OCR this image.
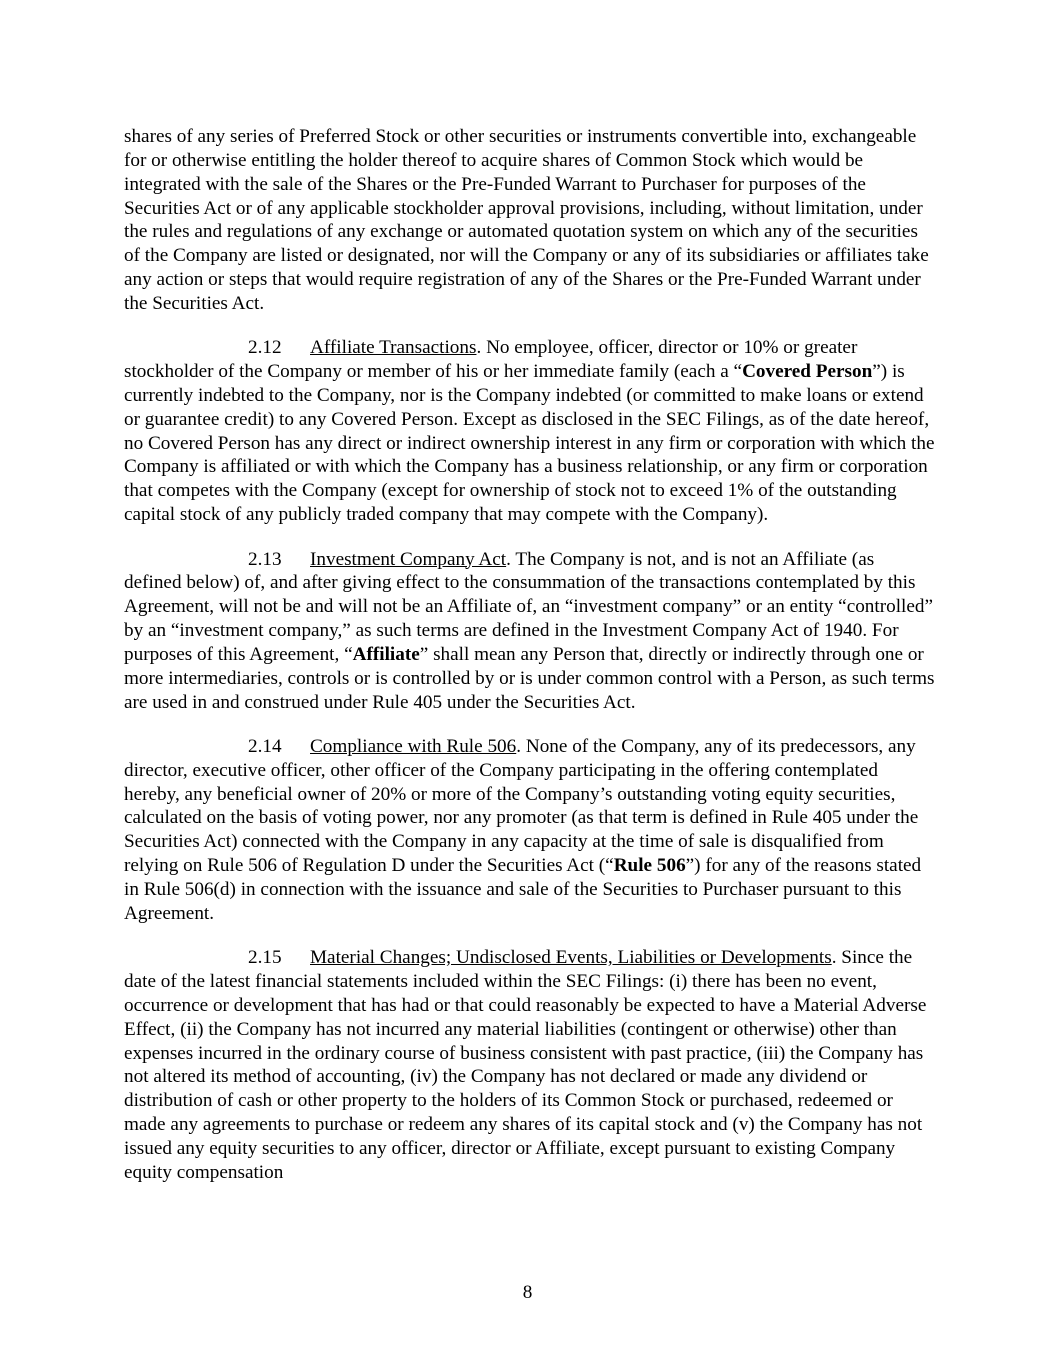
shares of any series of Preferred Stock or other securities or instruments convertible into, exchangeable for or otherwise entitling the holder thereof to acquire shares of Common Stock which would be integrated with the sale of the Shares or the Pre-Funded Warrant to Purchaser for purposes of the Securities Act or of any applicable stockholder approval provisions, including, without limitation, under the rules and regulations of any exchange or automated quotation system on which any of the securities of the Company are listed or designated, nor will the Company or any of its subsidiaries or affiliates take any action or steps that would require registration of any of the Shares or the Pre-Funded Warrant under the Securities Act.

2.12 Affiliate Transactions. No employee, officer, director or 10% or greater stockholder of the Company or member of his or her immediate family (each a “Covered Person”) is currently indebted to the Company, nor is the Company indebted (or committed to make loans or extend or guarantee credit) to any Covered Person. Except as disclosed in the SEC Filings, as of the date hereof, no Covered Person has any direct or indirect ownership interest in any firm or corporation with which the Company is affiliated or with which the Company has a business relationship, or any firm or corporation that competes with the Company (except for ownership of stock not to exceed 1% of the outstanding capital stock of any publicly traded company that may compete with the Company).

2.13 Investment Company Act. The Company is not, and is not an Affiliate (as defined below) of, and after giving effect to the consummation of the transactions contemplated by this Agreement, will not be and will not be an Affiliate of, an “investment company” or an entity “controlled” by an “investment company,” as such terms are defined in the Investment Company Act of 1940. For purposes of this Agreement, “Affiliate” shall mean any Person that, directly or indirectly through one or more intermediaries, controls or is controlled by or is under common control with a Person, as such terms are used in and construed under Rule 405 under the Securities Act.

2.14 Compliance with Rule 506. None of the Company, any of its predecessors, any director, executive officer, other officer of the Company participating in the offering contemplated hereby, any beneficial owner of 20% or more of the Company’s outstanding voting equity securities, calculated on the basis of voting power, nor any promoter (as that term is defined in Rule 405 under the Securities Act) connected with the Company in any capacity at the time of sale is disqualified from relying on Rule 506 of Regulation D under the Securities Act (“Rule 506”) for any of the reasons stated in Rule 506(d) in connection with the issuance and sale of the Securities to Purchaser pursuant to this Agreement.

2.15 Material Changes; Undisclosed Events, Liabilities or Developments. Since the date of the latest financial statements included within the SEC Filings: (i) there has been no event, occurrence or development that has had or that could reasonably be expected to have a Material Adverse Effect, (ii) the Company has not incurred any material liabilities (contingent or otherwise) other than expenses incurred in the ordinary course of business consistent with past practice, (iii) the Company has not altered its method of accounting, (iv) the Company has not declared or made any dividend or distribution of cash or other property to the holders of its Common Stock or purchased, redeemed or made any agreements to purchase or redeem any shares of its capital stock and (v) the Company has not issued any equity securities to any officer, director or Affiliate, except pursuant to existing Company equity compensation

8
